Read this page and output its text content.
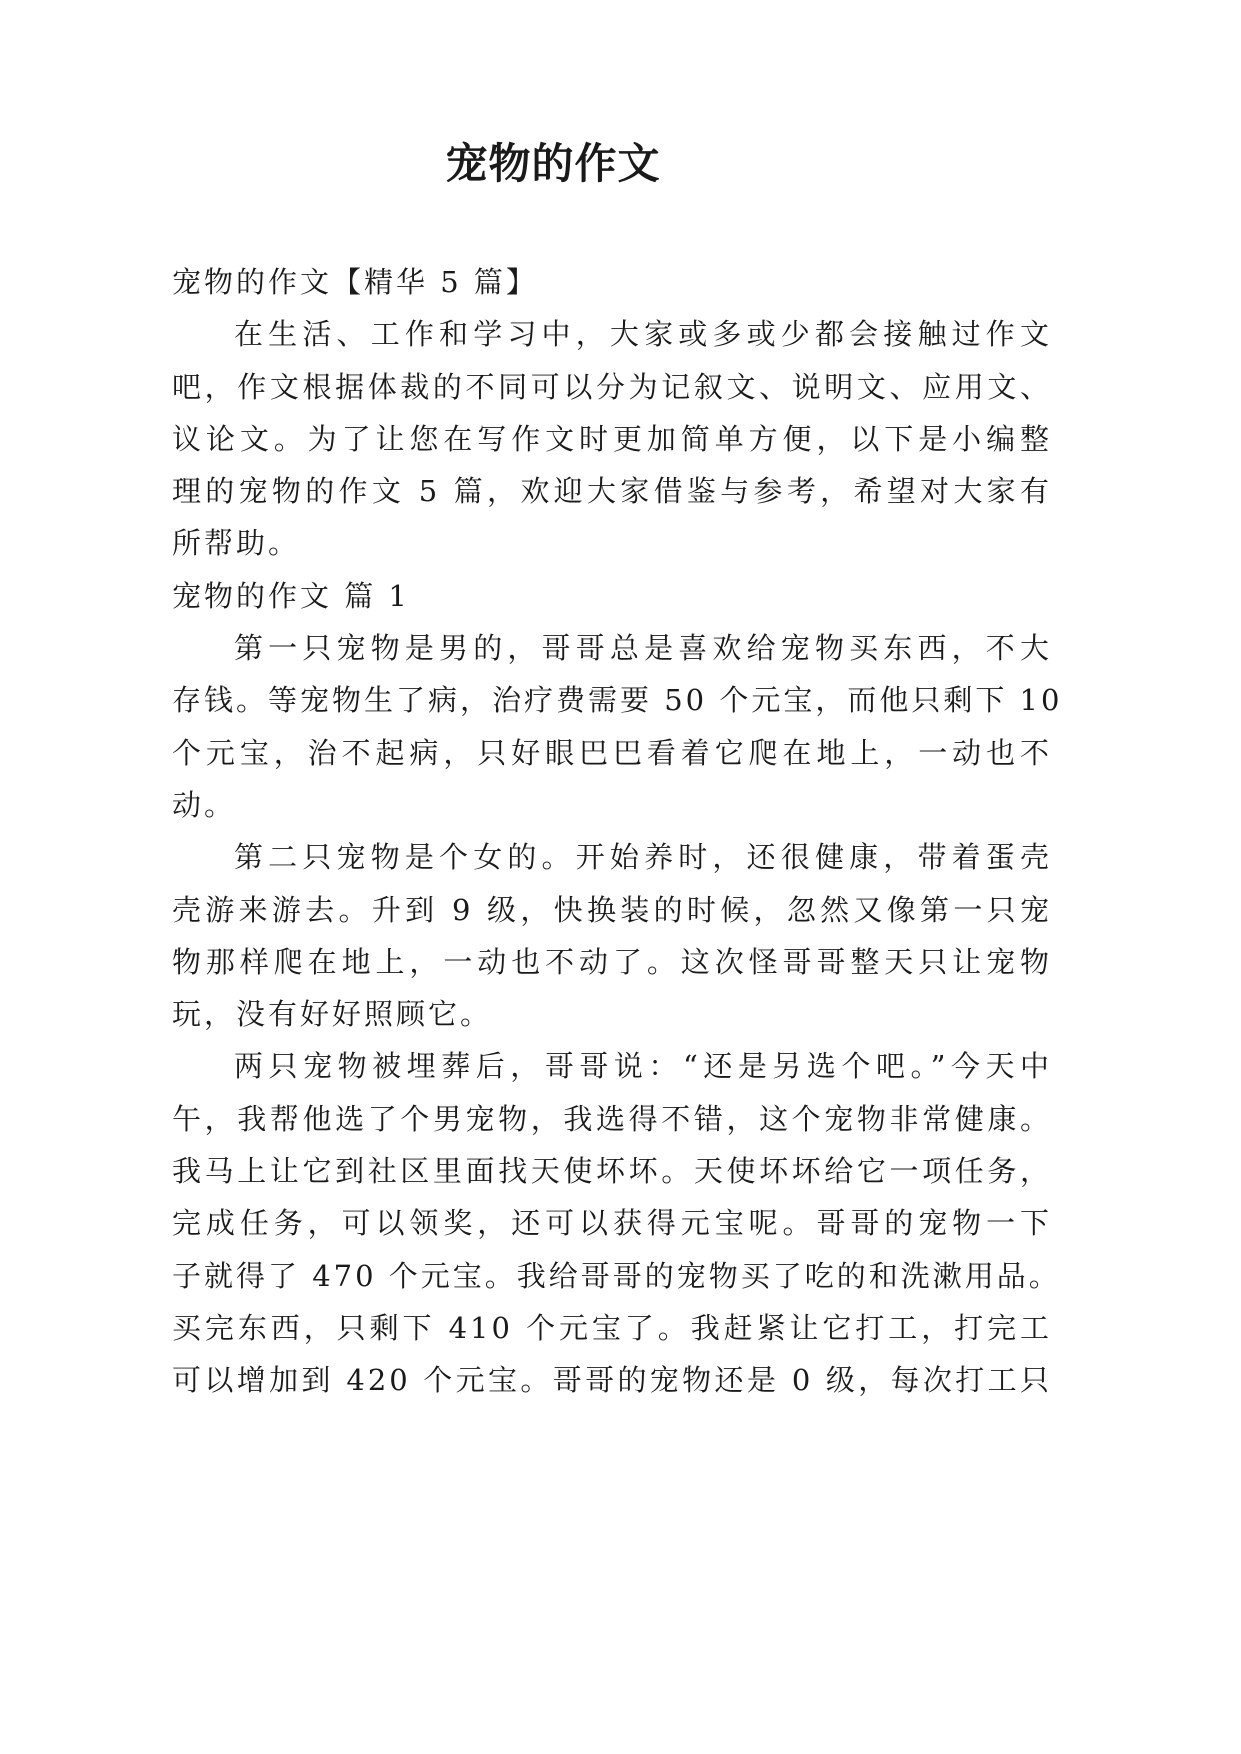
宠物的作文
宠物的作文【精华 5 篇】
在生活、工作和学习中，大家或多或少都会接触过作文
吧，作文根据体裁的不同可以分为记叙文、说明文、应用文、
议论文。为了让您在写作文时更加简单方便，以下是小编整
理的宠物的作文 5 篇，欢迎大家借鉴与参考，希望对大家有
所帮助。
宠物的作文 篇 1
第一只宠物是男的，哥哥总是喜欢给宠物买东西，不大
存钱。等宠物生了病，治疗费需要 50 个元宝，而他只剩下 10
个元宝，治不起病，只好眼巴巴看着它爬在地上，一动也不
动。
第二只宠物是个女的。开始养时，还很健康，带着蛋壳
壳游来游去。升到 9 级，快换装的时候，忽然又像第一只宠
物那样爬在地上，一动也不动了。这次怪哥哥整天只让宠物
玩，没有好好照顾它。
两只宠物被埋葬后，哥哥说：“还是另选个吧。”今天中
午，我帮他选了个男宠物，我选得不错，这个宠物非常健康。
我马上让它到社区里面找天使坏坏。天使坏坏给它一项任务，
完成任务，可以领奖，还可以获得元宝呢。哥哥的宠物一下
子就得了 470 个元宝。我给哥哥的宠物买了吃的和洗漱用品。
买完东西，只剩下 410 个元宝了。我赶紧让它打工，打完工
可以增加到 420 个元宝。哥哥的宠物还是 0 级，每次打工只
